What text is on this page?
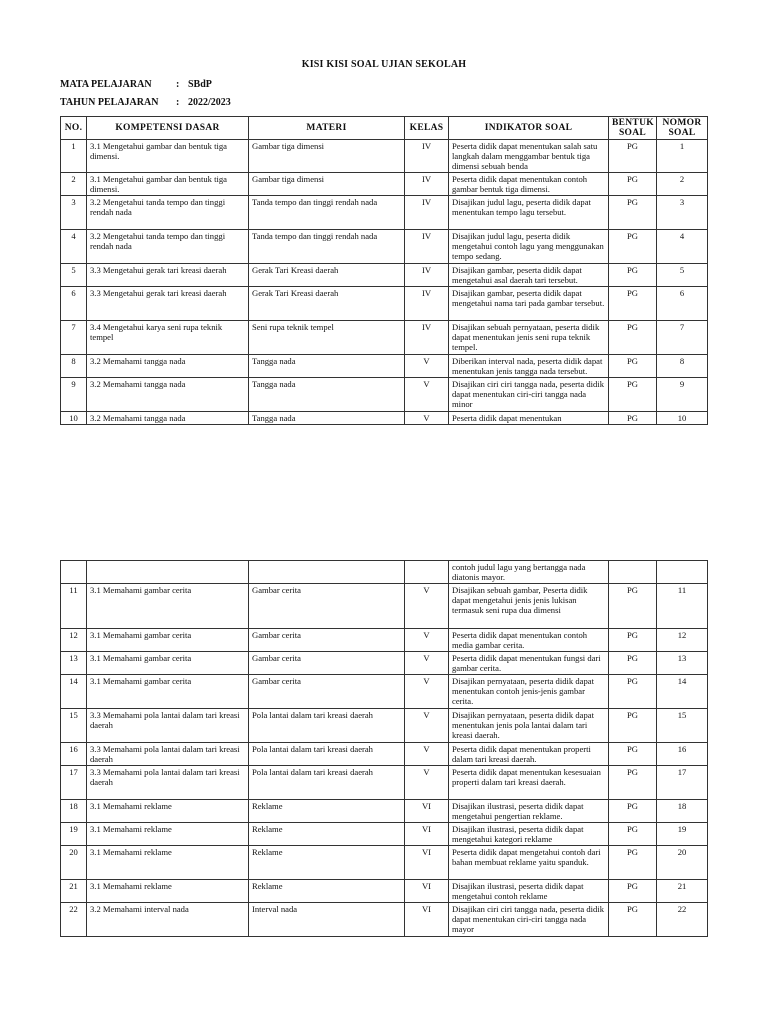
KISI KISI SOAL UJIAN SEKOLAH
MATA PELAJARAN : SBdP
TAHUN PELAJARAN : 2022/2023
NO.	KOMPETENSI DASAR	MATERI	KELAS	INDIKATOR SOAL	BENTUK SOAL	NOMOR SOAL
1	3.1 Mengetahui gambar dan bentuk tiga dimensi.	Gambar tiga dimensi	IV	Peserta didik dapat menentukan salah satu langkah dalam menggambar bentuk tiga dimensi sebuah benda	PG	1
2	3.1 Mengetahui gambar dan bentuk tiga dimensi.	Gambar tiga dimensi	IV	Peserta didik dapat menentukan contoh gambar bentuk tiga dimensi.	PG	2
3	3.2 Mengetahui tanda tempo dan tinggi rendah nada	Tanda tempo dan tinggi rendah nada	IV	Disajikan judul lagu, peserta didik dapat menentukan tempo lagu tersebut.	PG	3
4	3.2 Mengetahui tanda tempo dan tinggi rendah nada	Tanda tempo dan tinggi rendah nada	IV	Disajikan judul lagu, peserta didik mengetahui contoh lagu yang menggunakan tempo sedang.	PG	4
5	3.3 Mengetahui gerak tari kreasi daerah	Gerak Tari Kreasi daerah	IV	Disajikan gambar, peserta didik dapat mengetahui asal daerah tari tersebut.	PG	5
6	3.3 Mengetahui gerak tari kreasi daerah	Gerak Tari Kreasi daerah	IV	Disajikan gambar, peserta didik dapat mengetahui nama tari pada gambar tersebut.	PG	6
7	3.4 Mengetahui karya seni rupa teknik tempel	Seni rupa teknik tempel	IV	Disajikan sebuah pernyataan, peserta didik dapat menentukan jenis seni rupa teknik tempel.	PG	7
8	3.2 Memahami tangga nada	Tangga nada	V	Diberikan interval nada, peserta didik dapat menentukan jenis tangga nada tersebut.	PG	8
9	3.2 Memahami tangga nada	Tangga nada	V	Disajikan ciri ciri tangga nada, peserta didik dapat menentukan ciri-ciri tangga nada minor	PG	9
10	3.2 Memahami tangga nada	Tangga nada	V	Peserta didik dapat menentukan	PG	10
				contoh judul lagu yang bertangga nada diatonis mayor.		
11	3.1 Memahami gambar cerita	Gambar cerita	V	Disajikan sebuah gambar, Peserta didik dapat mengetahui jenis jenis lukisan termasuk seni rupa dua dimensi	PG	11
12	3.1 Memahami gambar cerita	Gambar cerita	V	Peserta didik dapat menentukan contoh media gambar cerita.	PG	12
13	3.1 Memahami gambar cerita	Gambar cerita	V	Peserta didik dapat menentukan fungsi dari gambar cerita.	PG	13
14	3.1 Memahami gambar cerita	Gambar cerita	V	Disajikan pernyataan, peserta didik dapat menentukan contoh jenis-jenis gambar cerita.	PG	14
15	3.3 Memahami pola lantai dalam tari kreasi daerah	Pola lantai dalam tari kreasi daerah	V	Disajikan pernyataan, peserta didik dapat menentukan jenis pola lantai dalam tari kreasi daerah.	PG	15
16	3.3 Memahami pola lantai dalam tari kreasi daerah	Pola lantai dalam tari kreasi daerah	V	Peserta didik dapat menentukan properti dalam tari kreasi daerah.	PG	16
17	3.3 Memahami pola lantai dalam tari kreasi daerah	Pola lantai dalam tari kreasi daerah	V	Peserta didik dapat menentukan kesesuaian properti dalam tari kreasi daerah.	PG	17
18	3.1 Memahami reklame	Reklame	VI	Disajikan ilustrasi, peserta didik dapat mengetahui pengertian reklame.	PG	18
19	3.1 Memahami reklame	Reklame	VI	Disajikan ilustrasi, peserta didik dapat mengetahui kategori reklame	PG	19
20	3.1 Memahami reklame	Reklame	VI	Peserta didik dapat mengetahui contoh dari bahan membuat reklame yaitu spanduk.	PG	20
21	3.1 Memahami reklame	Reklame	VI	Disajikan ilustrasi, peserta didik dapat mengetahui contoh reklame	PG	21
22	3.2 Memahami interval nada	Interval nada	VI	Disajikan ciri ciri tangga nada, peserta didik dapat menentukan ciri-ciri tangga nada mayor	PG	22
